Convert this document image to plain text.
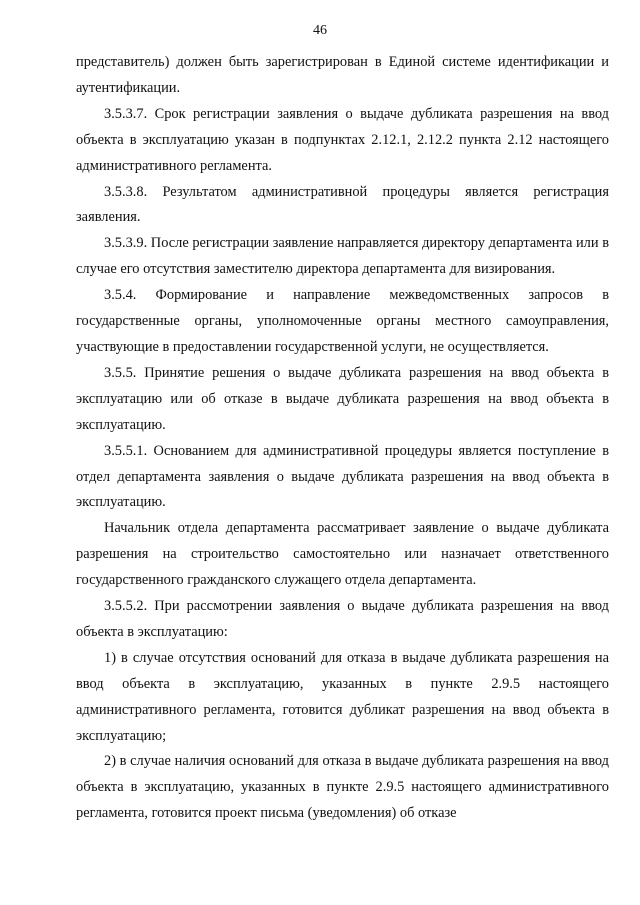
46

представитель) должен быть зарегистрирован в Единой системе идентификации и аутентификации.

3.5.3.7. Срок регистрации заявления о выдаче дубликата разрешения на ввод объекта в эксплуатацию указан в подпунктах 2.12.1, 2.12.2 пункта 2.12 настоящего административного регламента.

3.5.3.8. Результатом административной процедуры является регистрация заявления.

3.5.3.9. После регистрации заявление направляется директору департамента или в случае его отсутствия заместителю директора департамента для визирования.

3.5.4. Формирование и направление межведомственных запросов в государственные органы, уполномоченные органы местного самоуправления, участвующие в предоставлении государственной услуги, не осуществляется.

3.5.5. Принятие решения о выдаче дубликата разрешения на ввод объекта в эксплуатацию или об отказе в выдаче дубликата разрешения на ввод объекта в эксплуатацию.

3.5.5.1. Основанием для административной процедуры является поступление в отдел департамента заявления о выдаче дубликата разрешения на ввод объекта в эксплуатацию.

Начальник отдела департамента рассматривает заявление о выдаче дубликата разрешения на строительство самостоятельно или назначает ответственного государственного гражданского служащего отдела департамента.

3.5.5.2. При рассмотрении заявления о выдаче дубликата разрешения на ввод объекта в эксплуатацию:

1) в случае отсутствия оснований для отказа в выдаче дубликата разрешения на ввод объекта в эксплуатацию, указанных в пункте 2.9.5 настоящего административного регламента, готовится дубликат разрешения на ввод объекта в эксплуатацию;

2) в случае наличия оснований для отказа в выдаче дубликата разрешения на ввод объекта в эксплуатацию, указанных в пункте 2.9.5 настоящего административного регламента, готовится проект письма (уведомления) об отказе
